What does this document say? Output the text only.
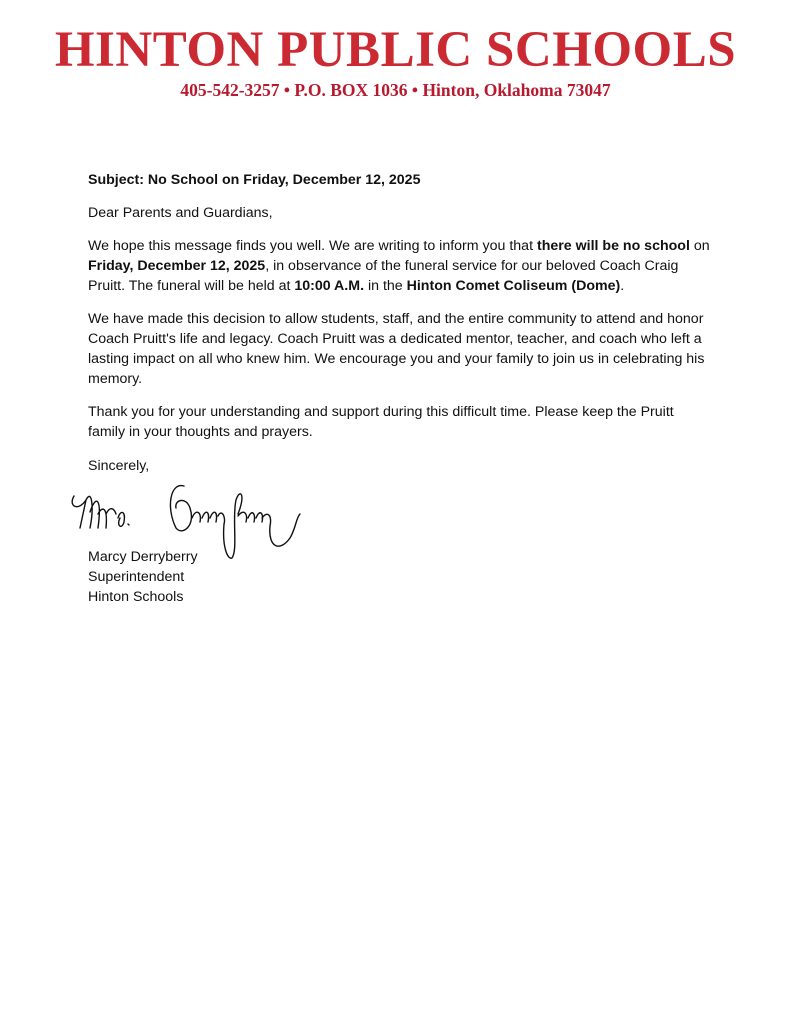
HINTON PUBLIC SCHOOLS
405-542-3257 • P.O. BOX 1036 • Hinton, Oklahoma 73047

Subject: No School on Friday, December 12, 2025

Dear Parents and Guardians,

We hope this message finds you well. We are writing to inform you that there will be no school on Friday, December 12, 2025, in observance of the funeral service for our beloved Coach Craig Pruitt. The funeral will be held at 10:00 A.M. in the Hinton Comet Coliseum (Dome).

We have made this decision to allow students, staff, and the entire community to attend and honor Coach Pruitt's life and legacy. Coach Pruitt was a dedicated mentor, teacher, and coach who left a lasting impact on all who knew him. We encourage you and your family to join us in celebrating his memory.

Thank you for your understanding and support during this difficult time. Please keep the Pruitt family in your thoughts and prayers.

Sincerely,
Marcy Derryberry
Superintendent
Hinton Schools
